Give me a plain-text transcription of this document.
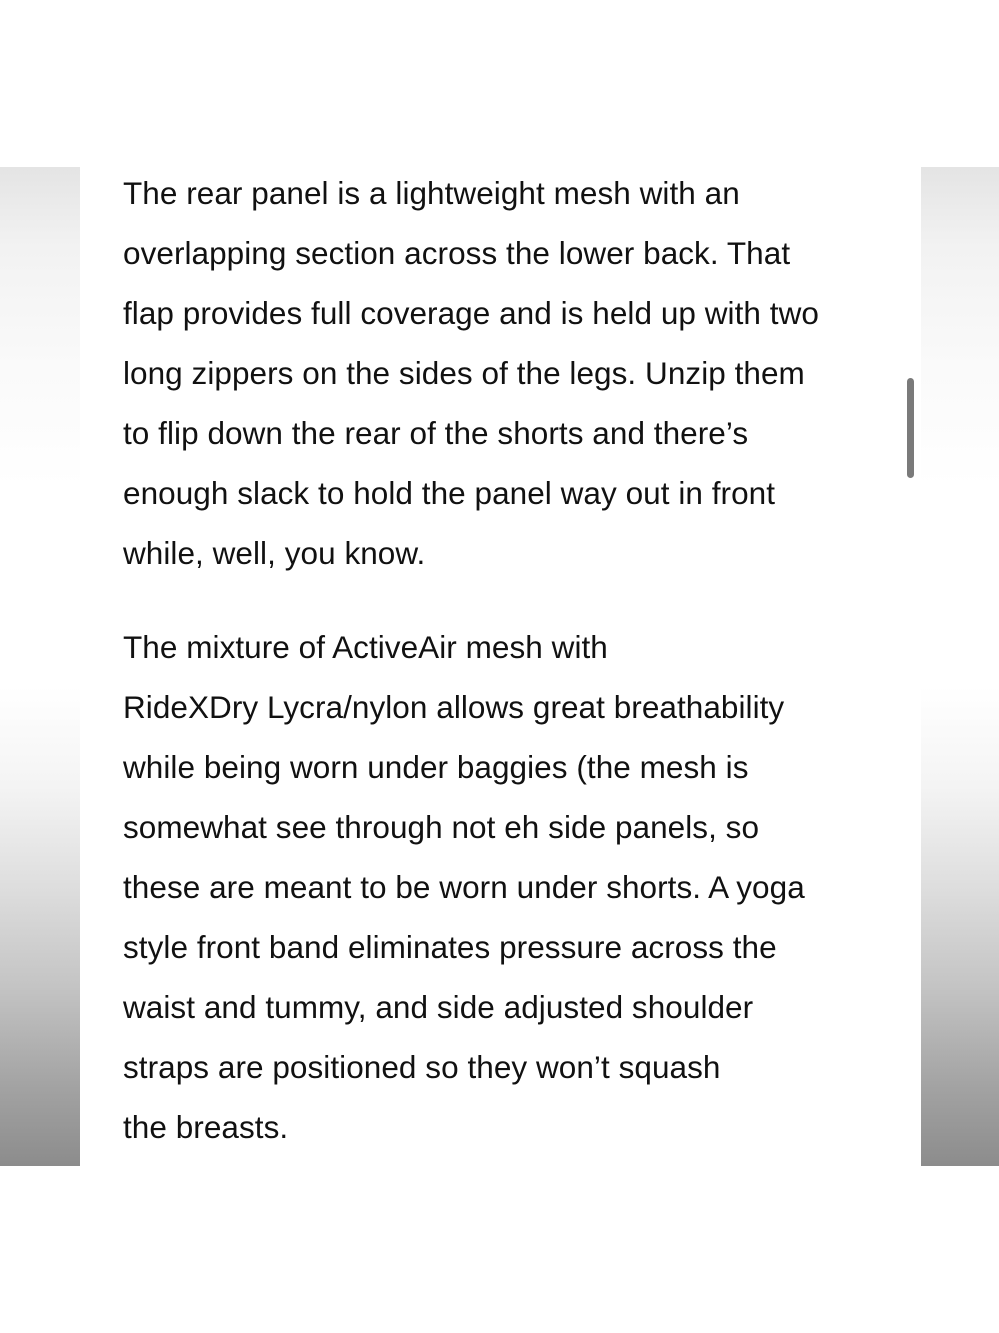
The rear panel is a lightweight mesh with an
overlapping section across the lower back. That
flap provides full coverage and is held up with two
long zippers on the sides of the legs. Unzip them
to flip down the rear of the shorts and there’s
enough slack to hold the panel way out in front
while, well, you know.

The mixture of ActiveAir mesh with
RideXDry Lycra/nylon allows great breathability
while being worn under baggies (the mesh is
somewhat see through not eh side panels, so
these are meant to be worn under shorts. A yoga
style front band eliminates pressure across the
waist and tummy, and side adjusted shoulder
straps are positioned so they won’t squash
the breasts.
